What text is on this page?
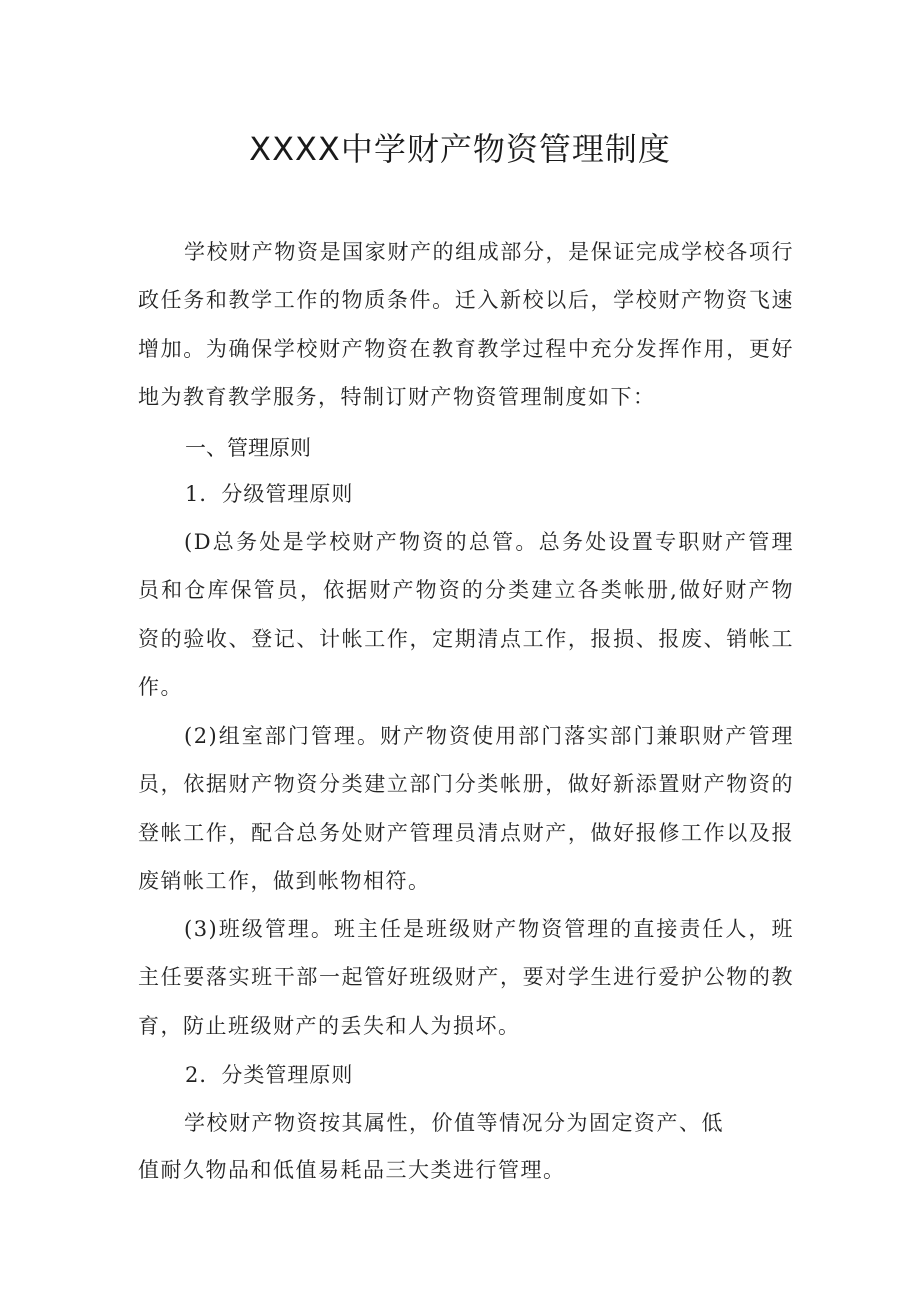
XXXX中学财产物资管理制度

学校财产物资是国家财产的组成部分，是保证完成学校各项行政任务和教学工作的物质条件。迁入新校以后，学校财产物资飞速增加。为确保学校财产物资在教育教学过程中充分发挥作用，更好地为教育教学服务，特制订财产物资管理制度如下：

一、管理原则
1．分级管理原则

(D总务处是学校财产物资的总管。总务处设置专职财产管理员和仓库保管员，依据财产物资的分类建立各类帐册,做好财产物资的验收、登记、计帐工作，定期清点工作，报损、报废、销帐工作。

(2)组室部门管理。财产物资使用部门落实部门兼职财产管理员，依据财产物资分类建立部门分类帐册，做好新添置财产物资的登帐工作，配合总务处财产管理员清点财产，做好报修工作以及报废销帐工作，做到帐物相符。

(3)班级管理。班主任是班级财产物资管理的直接责任人，班主任要落实班干部一起管好班级财产，要对学生进行爱护公物的教育，防止班级财产的丢失和人为损坏。

2．分类管理原则
学校财产物资按其属性，价值等情况分为固定资产、低
值耐久物品和低值易耗品三大类进行管理。
